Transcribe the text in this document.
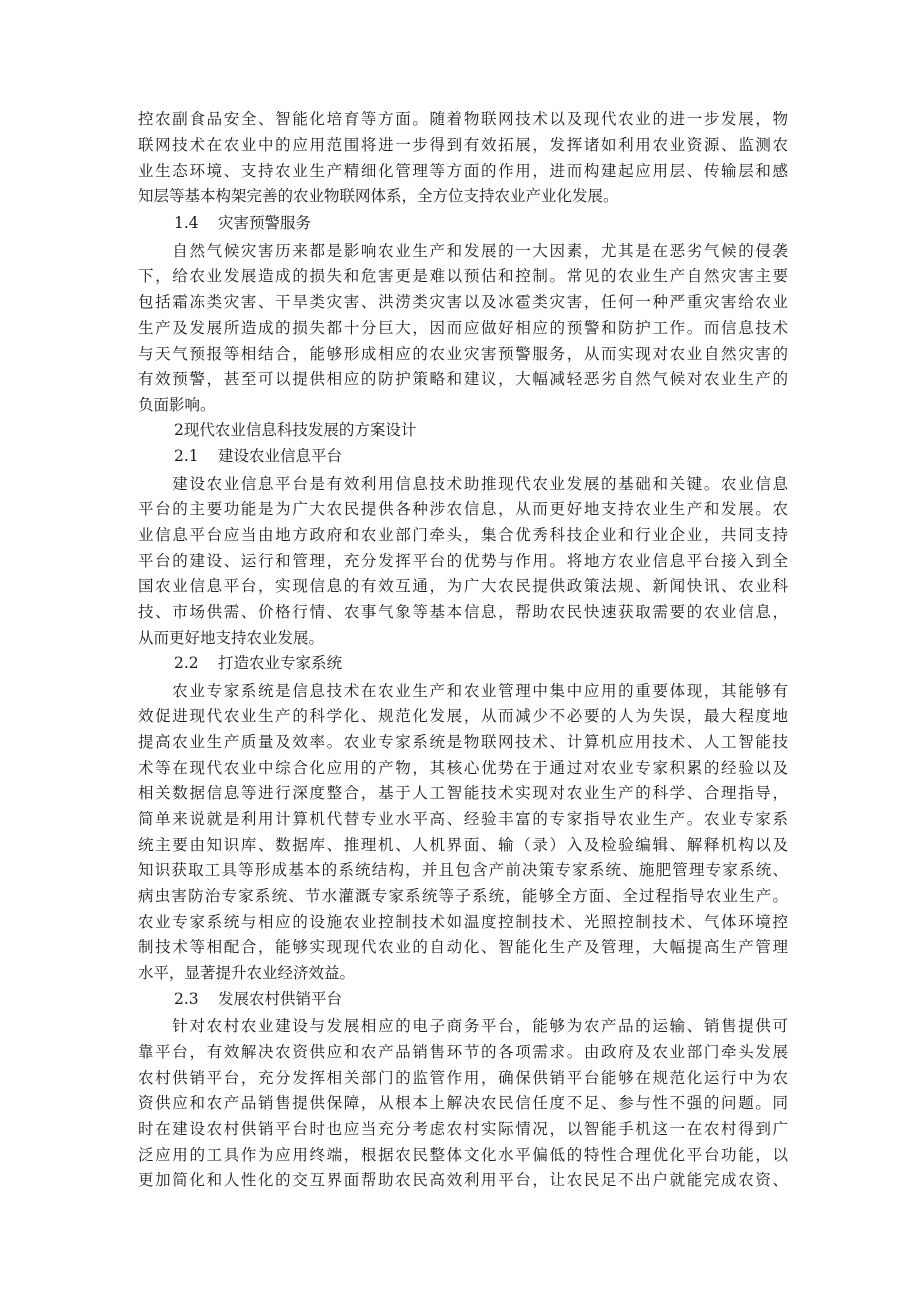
控农副食品安全、智能化培育等方面。随着物联网技术以及现代农业的进一步发展，物
联网技术在农业中的应用范围将进一步得到有效拓展，发挥诸如利用农业资源、监测农
业生态环境、支持农业生产精细化管理等方面的作用，进而构建起应用层、传输层和感
知层等基本构架完善的农业物联网体系，全方位支持农业产业化发展。
1.4 灾害预警服务
　　自然气候灾害历来都是影响农业生产和发展的一大因素，尤其是在恶劣气候的侵袭
下，给农业发展造成的损失和危害更是难以预估和控制。常见的农业生产自然灾害主要
包括霜冻类灾害、干旱类灾害、洪涝类灾害以及冰雹类灾害，任何一种严重灾害给农业
生产及发展所造成的损失都十分巨大，因而应做好相应的预警和防护工作。而信息技术
与天气预报等相结合，能够形成相应的农业灾害预警服务，从而实现对农业自然灾害的
有效预警，甚至可以提供相应的防护策略和建议，大幅减轻恶劣自然气候对农业生产的
负面影响。
2现代农业信息科技发展的方案设计
2.1 建设农业信息平台
　　建设农业信息平台是有效利用信息技术助推现代农业发展的基础和关键。农业信息
平台的主要功能是为广大农民提供各种涉农信息，从而更好地支持农业生产和发展。农
业信息平台应当由地方政府和农业部门牵头，集合优秀科技企业和行业企业，共同支持
平台的建设、运行和管理，充分发挥平台的优势与作用。将地方农业信息平台接入到全
国农业信息平台，实现信息的有效互通，为广大农民提供政策法规、新闻快讯、农业科
技、市场供需、价格行情、农事气象等基本信息，帮助农民快速获取需要的农业信息，
从而更好地支持农业发展。
2.2 打造农业专家系统
　　农业专家系统是信息技术在农业生产和农业管理中集中应用的重要体现，其能够有
效促进现代农业生产的科学化、规范化发展，从而减少不必要的人为失误，最大程度地
提高农业生产质量及效率。农业专家系统是物联网技术、计算机应用技术、人工智能技
术等在现代农业中综合化应用的产物，其核心优势在于通过对农业专家积累的经验以及
相关数据信息等进行深度整合，基于人工智能技术实现对农业生产的科学、合理指导，
简单来说就是利用计算机代替专业水平高、经验丰富的专家指导农业生产。农业专家系
统主要由知识库、数据库、推理机、人机界面、输（录）入及检验编辑、解释机构以及
知识获取工具等形成基本的系统结构，并且包含产前决策专家系统、施肥管理专家系统、
病虫害防治专家系统、节水灌溉专家系统等子系统，能够全方面、全过程指导农业生产。
农业专家系统与相应的设施农业控制技术如温度控制技术、光照控制技术、气体环境控
制技术等相配合，能够实现现代农业的自动化、智能化生产及管理，大幅提高生产管理
水平，显著提升农业经济效益。
2.3 发展农村供销平台
　　针对农村农业建设与发展相应的电子商务平台，能够为农产品的运输、销售提供可
靠平台，有效解决农资供应和农产品销售环节的各项需求。由政府及农业部门牵头发展
农村供销平台，充分发挥相关部门的监管作用，确保供销平台能够在规范化运行中为农
资供应和农产品销售提供保障，从根本上解决农民信任度不足、参与性不强的问题。同
时在建设农村供销平台时也应当充分考虑农村实际情况，以智能手机这一在农村得到广
泛应用的工具作为应用终端，根据农民整体文化水平偏低的特性合理优化平台功能，以
更加简化和人性化的交互界面帮助农民高效利用平台，让农民足不出户就能完成农资、
